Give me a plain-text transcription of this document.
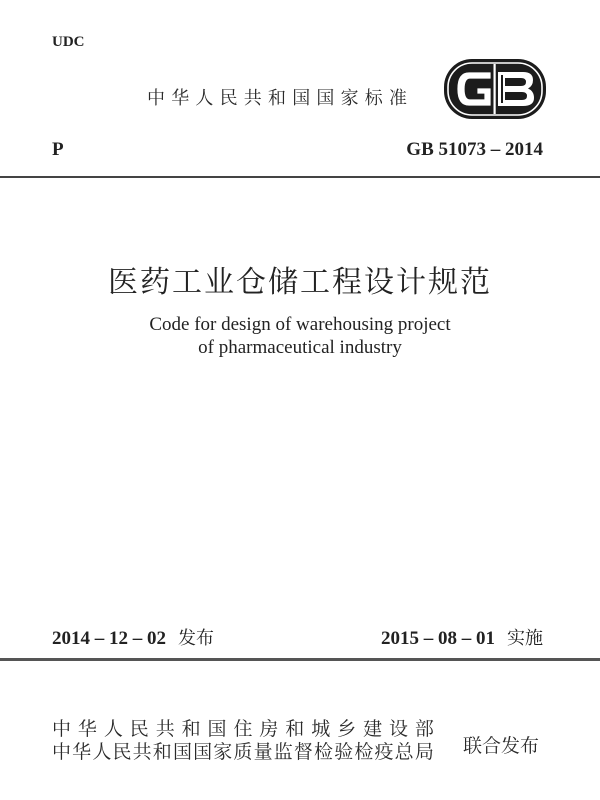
UDC
中华人民共和国国家标准
P	GB 51073 – 2014
医药工业仓储工程设计规范
Code for design of warehousing project
of pharmaceutical industry
2014 – 12 – 02 发布	2015 – 08 – 01 实施
中 华 人 民 共 和 国 住 房 和 城 乡 建 设 部
中 华 人 民 共 和 国 国 家 质 量 监 督 检 验 检 疫 总 局 联合发布
